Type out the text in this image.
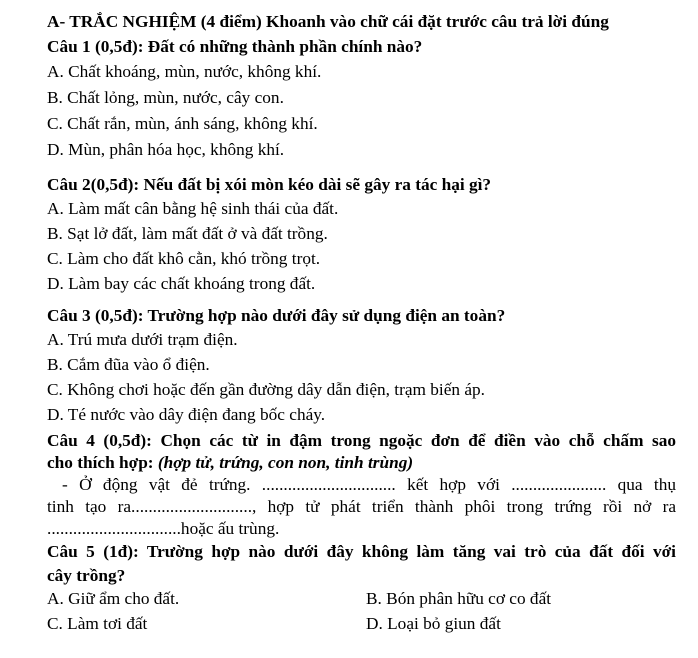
A- TRẮC NGHIỆM (4 điểm) Khoanh vào chữ cái đặt trước câu trả lời đúng
Câu 1 (0,5đ): Đất có những thành phần chính nào?
A. Chất khoáng, mùn, nước, không khí.
B. Chất lỏng, mùn, nước, cây con.
C. Chất rắn, mùn, ánh sáng, không khí.
D. Mùn, phân hóa học, không khí.
Câu 2(0,5đ): Nếu đất bị xói mòn kéo dài sẽ gây ra tác hại gì?
A. Làm mất cân bằng hệ sinh thái của đất.
B. Sạt lở đất, làm mất đất ở và đất trồng.
C. Làm cho đất khô cằn, khó trồng trọt.
D. Làm bay các chất khoáng trong đất.
Câu 3 (0,5đ): Trường hợp nào dưới đây sử dụng điện an toàn?
A. Trú mưa dưới trạm điện.
B. Cắm đũa vào ổ điện.
C. Không chơi hoặc đến gần đường dây dẫn điện, trạm biến áp.
D. Té nước vào dây điện đang bốc cháy.
Câu 4 (0,5đ): Chọn các từ in đậm trong ngoặc đơn để điền vào chỗ chấm sao
cho thích hợp: (hợp tử, trứng, con non, tinh trùng)
- Ở động vật đẻ trứng. ............................... kết hợp với ...................... qua thụ
tinh tạo ra............................, hợp tử phát triển thành phôi trong trứng rồi nở ra
...............................hoặc ấu trùng.
Câu 5 (1đ): Trường hợp nào dưới đây không làm tăng vai trò của đất đối với
cây trồng?
A. Giữ ẩm cho đất.	B. Bón phân hữu cơ co đất
C. Làm tơi đất	D. Loại bỏ giun đất
